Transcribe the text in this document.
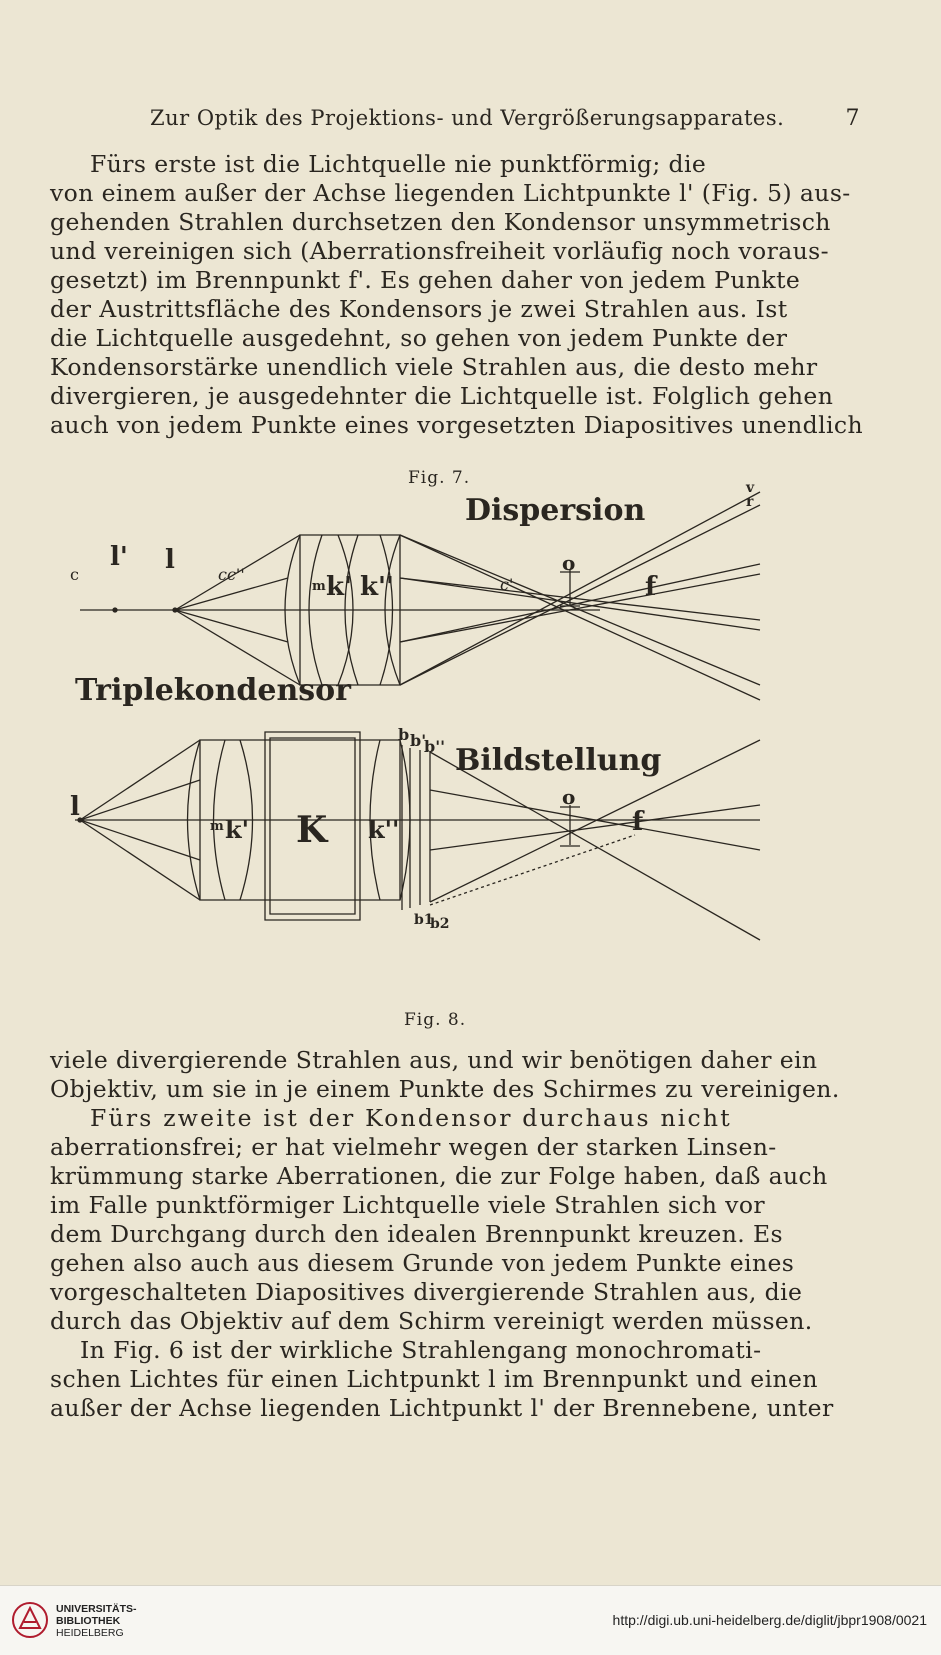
Zur Optik des Projektions- und Vergrößerungsapparates.	7
Fürs erste ist die Lichtquelle nie punktförmig; die
von einem außer der Achse liegenden Lichtpunkte l' (Fig. 5) aus-
gehenden Strahlen durchsetzen den Kondensor unsymmetrisch
und vereinigen sich (Aberrationsfreiheit vorläufig noch voraus-
gesetzt) im Brennpunkt f'. Es gehen daher von jedem Punkte
der Austrittsfläche des Kondensors je zwei Strahlen aus. Ist
die Lichtquelle ausgedehnt, so gehen von jedem Punkte der
Kondensorstärke unendlich viele Strahlen aus, die desto mehr
divergieren, je ausgedehnter die Lichtquelle ist. Folglich gehen
auch von jedem Punkte eines vorgesetzten Diapositives unendlich
Fig. 7.
Dispersion
Triplekondensor
Bildstellung
c
l' l	cc''
m k' k''	c'
o
f
v
r
l
m k' K k''
b b'
b''
b1
b2
o
f
Fig. 8.
viele divergierende Strahlen aus, und wir benötigen daher ein
Objektiv, um sie in je einem Punkte des Schirmes zu vereinigen.
Fürs zweite ist der Kondensor durchaus nicht
aberrationsfrei; er hat vielmehr wegen der starken Linsen-
krümmung starke Aberrationen, die zur Folge haben, daß auch
im Falle punktförmiger Lichtquelle viele Strahlen sich vor
dem Durchgang durch den idealen Brennpunkt kreuzen. Es
gehen also auch aus diesem Grunde von jedem Punkte eines
vorgeschalteten Diapositives divergierende Strahlen aus, die
durch das Objektiv auf dem Schirm vereinigt werden müssen.
In Fig. 6 ist der wirkliche Strahlengang monochromati-
schen Lichtes für einen Lichtpunkt l im Brennpunkt und einen
außer der Achse liegenden Lichtpunkt l' der Brennebene, unter
UNIVERSITÄTS-
BIBLIOTHEK
HEIDELBERG
http://digi.ub.uni-heidelberg.de/diglit/jbpr1908/0021
